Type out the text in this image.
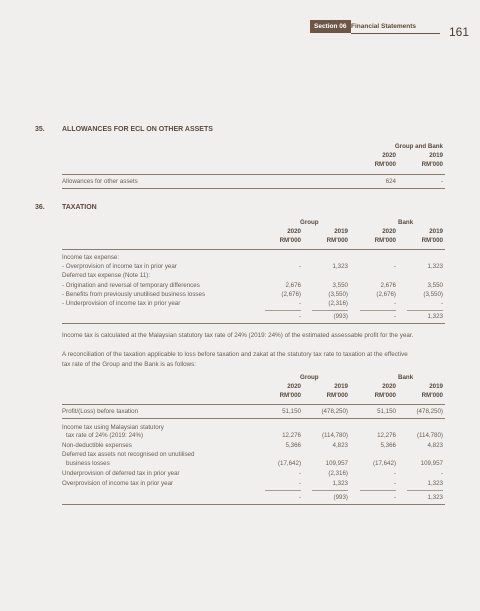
Section 06 Financial Statements	161
35. ALLOWANCES FOR ECL ON OTHER ASSETS
Group and Bank
2020	2019
RM'000	RM'000
Allowances for other assets	624	-
36. TAXATION
Group	Bank
2020	2019	2020	2019
RM'000	RM'000	RM'000	RM'000
Income tax expense:
- Overprovision of income tax in prior year	-	1,323	-	1,323
Deferred tax expense (Note 11):
- Origination and reversal of temporary differences	2,676	3,550	2,676	3,550
- Benefits from previously unutilised business losses	(2,676)	(3,550)	(2,676)	(3,550)
- Underprovision of income tax in prior year	-	(2,316)	-	-
-	(993)	-	1,323
Income tax is calculated at the Malaysian statutory tax rate of 24% (2019: 24%) of the estimated assessable profit for the year.
A reconciliation of the taxation applicable to loss before taxation and zakat at the statutory tax rate to taxation at the effective
tax rate of the Group and the Bank is as follows:
Group	Bank
2020	2019	2020	2019
RM'000	RM'000	RM'000	RM'000
Profit/(Loss) before taxation	51,150	(478,250)	51,150	(478,250)
Income tax using Malaysian statutory
tax rate of 24% (2019: 24%)	12,276	(114,780)	12,276	(114,780)
Non-deductible expenses	5,366	4,823	5,366	4,823
Deferred tax assets not recognised on unutilised
business losses	(17,642)	109,957	(17,642)	109,957
Underprovision of deferred tax in prior year	-	(2,316)	-	-
Overprovision of income tax in prior year	-	1,323	-	1,323
-	(993)	-	1,323
